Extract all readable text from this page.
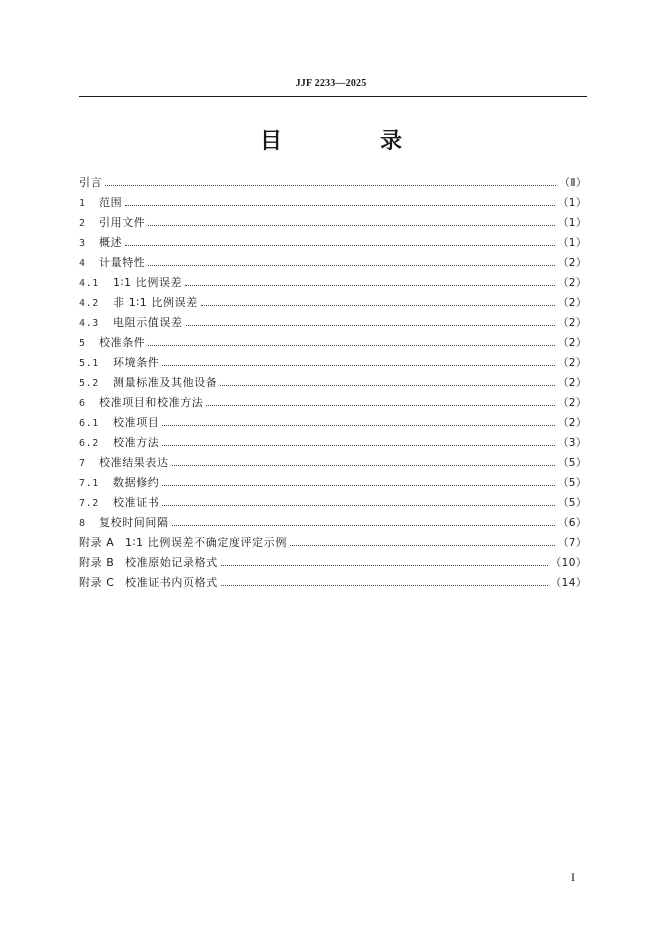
JJF 2233—2025
目　录
引言	（Ⅱ）
1 范围	（1）
2 引用文件	（1）
3 概述	（1）
4 计量特性	（2）
4.1 1∶1 比例误差	（2）
4.2 非 1∶1 比例误差	（2）
4.3 电阻示值误差	（2）
5 校准条件	（2）
5.1 环境条件	（2）
5.2 测量标准及其他设备	（2）
6 校准项目和校准方法	（2）
6.1 校准项目	（2）
6.2 校准方法	（3）
7 校准结果表达	（5）
7.1 数据修约	（5）
7.2 校准证书	（5）
8 复校时间间隔	（6）
附录 A 1∶1 比例误差不确定度评定示例	（7）
附录 B 校准原始记录格式	（10）
附录 C 校准证书内页格式	（14）
I
